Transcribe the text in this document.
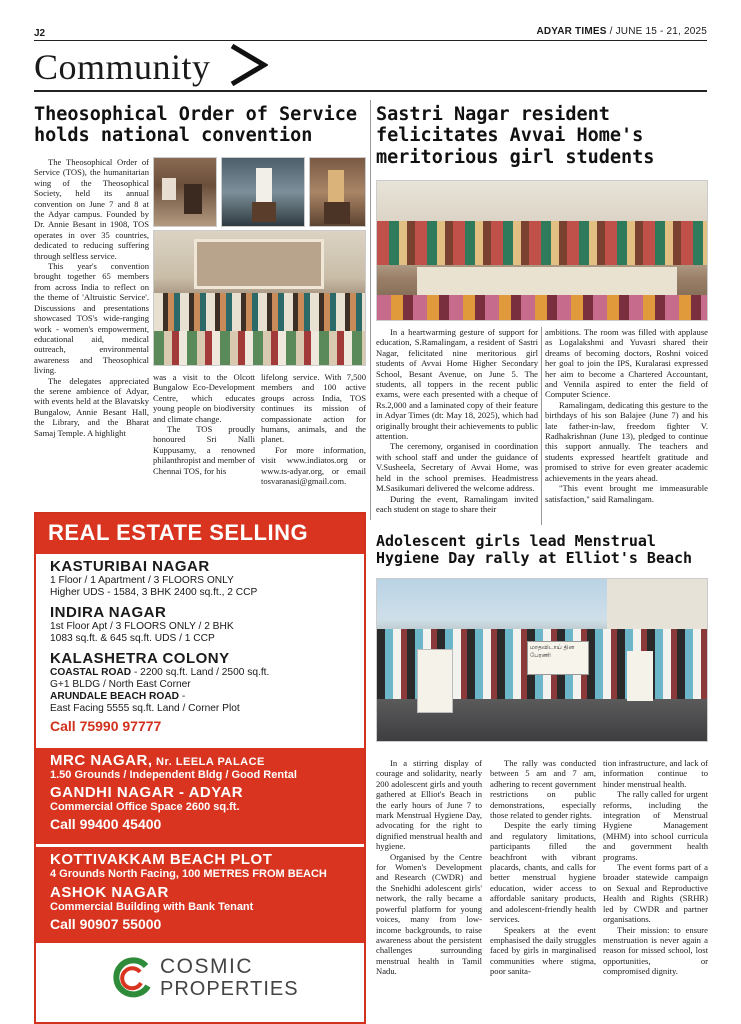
J2	ADYAR TIMES / JUNE 15 - 21, 2025
Community
Theosophical Order of Service holds national convention

The Theosophical Order of Service (TOS), the humanitarian wing of the Theosophical Society, held its annual convention on June 7 and 8 at the Adyar campus. Founded by Dr. Annie Besant in 1908, TOS operates in over 35 countries, dedicated to reducing suffering through selfless service.

This year's convention brought together 65 members from across India to reflect on the theme of 'Altruistic Service'. Discussions and presentations showcased TOS's wide-ranging work - women's empowerment, educational aid, medical outreach, environmental awareness and Theosophical living.

The delegates appreciated the serene ambience of Adyar, with events held at the Blavatsky Bungalow, Annie Besant Hall, the Library, and the Bharat Samaj Temple. A highlight

was a visit to the Olcott Bungalow Eco-Development Centre, which educates young people on biodiversity and climate change.

The TOS proudly honoured Sri Nalli Kuppusamy, a renowned philanthropist and member of Chennai TOS, for his

lifelong service. With 7,500 members and 100 active groups across India, TOS continues its mission of compassionate action for humans, animals, and the planet.

For more information, visit www.indiatos.org or www.ts-adyar.org, or email tosvaranasi@gmail.com.

Sastri Nagar resident felicitates Avvai Home's meritorious girl students

In a heartwarming gesture of support for education, S.Ramalingam, a resident of Sastri Nagar, felicitated nine meritorious girl students of Avvai Home Higher Secondary School, Besant Avenue, on June 5. The students, all toppers in the recent public exams, were each presented with a cheque of Rs.2,000 and a laminated copy of their feature in Adyar Times (dt: May 18, 2025), which had originally brought their achievements to public attention.

The ceremony, organised in coordination with school staff and under the guidance of V.Susheela, Secretary of Avvai Home, was held in the school premises. Headmistress M.Sasikumari delivered the welcome address.

During the event, Ramalingam invited each student on stage to share their

ambitions. The room was filled with applause as Logalakshmi and Yuvasri shared their dreams of becoming doctors, Roshni voiced her goal to join the IPS, Kuralarasi expressed her aim to become a Chartered Accountant, and Vennila aspired to enter the field of Computer Science.

Ramalingam, dedicating this gesture to the birthdays of his son Balajee (June 7) and his late father-in-law, freedom fighter V. Radhakrishnan (June 13), pledged to continue this support annually. The teachers and students expressed heartfelt gratitude and promised to strive for even greater academic achievements in the years ahead.

"This event brought me immeasurable satisfaction," said Ramalingam.

Adolescent girls lead Menstrual Hygiene Day rally at Elliot's Beach
மாதவிடாய் தின பேரணி

In a stirring display of courage and solidarity, nearly 200 adolescent girls and youth gathered at Elliot's Beach in the early hours of June 7 to mark Menstrual Hygiene Day, advocating for the right to dignified menstrual health and hygiene.

Organised by the Centre for Women's Development and Research (CWDR) and the Snehidhi adolescent girls' network, the rally became a powerful platform for young voices, many from low-income backgrounds, to raise awareness about the persistent challenges surrounding menstrual health in Tamil Nadu.

The rally was conducted between 5 am and 7 am, adhering to recent government restrictions on public demonstrations, especially those related to gender rights.

Despite the early timing and regulatory limitations, participants filled the beachfront with vibrant placards, chants, and calls for better menstrual hygiene education, wider access to affordable sanitary products, and adolescent-friendly health services.

Speakers at the event emphasised the daily struggles faced by girls in marginalised communities where stigma, poor sanita-

tion infrastructure, and lack of information continue to hinder menstrual health.

The rally called for urgent reforms, including the integration of Menstrual Hygiene Management (MHM) into school curricula and government health programs.

The event forms part of a broader statewide campaign on Sexual and Reproductive Health and Rights (SRHR) led by CWDR and partner organisations.

Their mission: to ensure menstruation is never again a reason for missed school, lost opportunities, or compromised dignity.

REAL ESTATE SELLING
KASTURIBAI NAGAR
1 Floor / 1 Apartment / 3 FLOORS ONLY
Higher UDS - 1584, 3 BHK 2400 sq.ft., 2 CCP
INDIRA NAGAR
1st Floor Apt / 3 FLOORS ONLY / 2 BHK
1083 sq.ft. & 645 sq.ft. UDS / 1 CCP
KALASHETRA COLONY
COASTAL ROAD - 2200 sq.ft. Land / 2500 sq.ft.
G+1 BLDG / North East Corner
ARUNDALE BEACH ROAD -
East Facing 5555 sq.ft. Land / Corner Plot
Call 75990 97777
MRC NAGAR, Nr. LEELA PALACE
1.50 Grounds / Independent Bldg / Good Rental
GANDHI NAGAR - ADYAR
Commercial Office Space 2600 sq.ft.
Call 99400 45400
KOTTIVAKKAM BEACH PLOT
4 Grounds North Facing, 100 METRES FROM BEACH
ASHOK NAGAR
Commercial Building with Bank Tenant
Call 90907 55000
COSMIC
PROPERTIES
